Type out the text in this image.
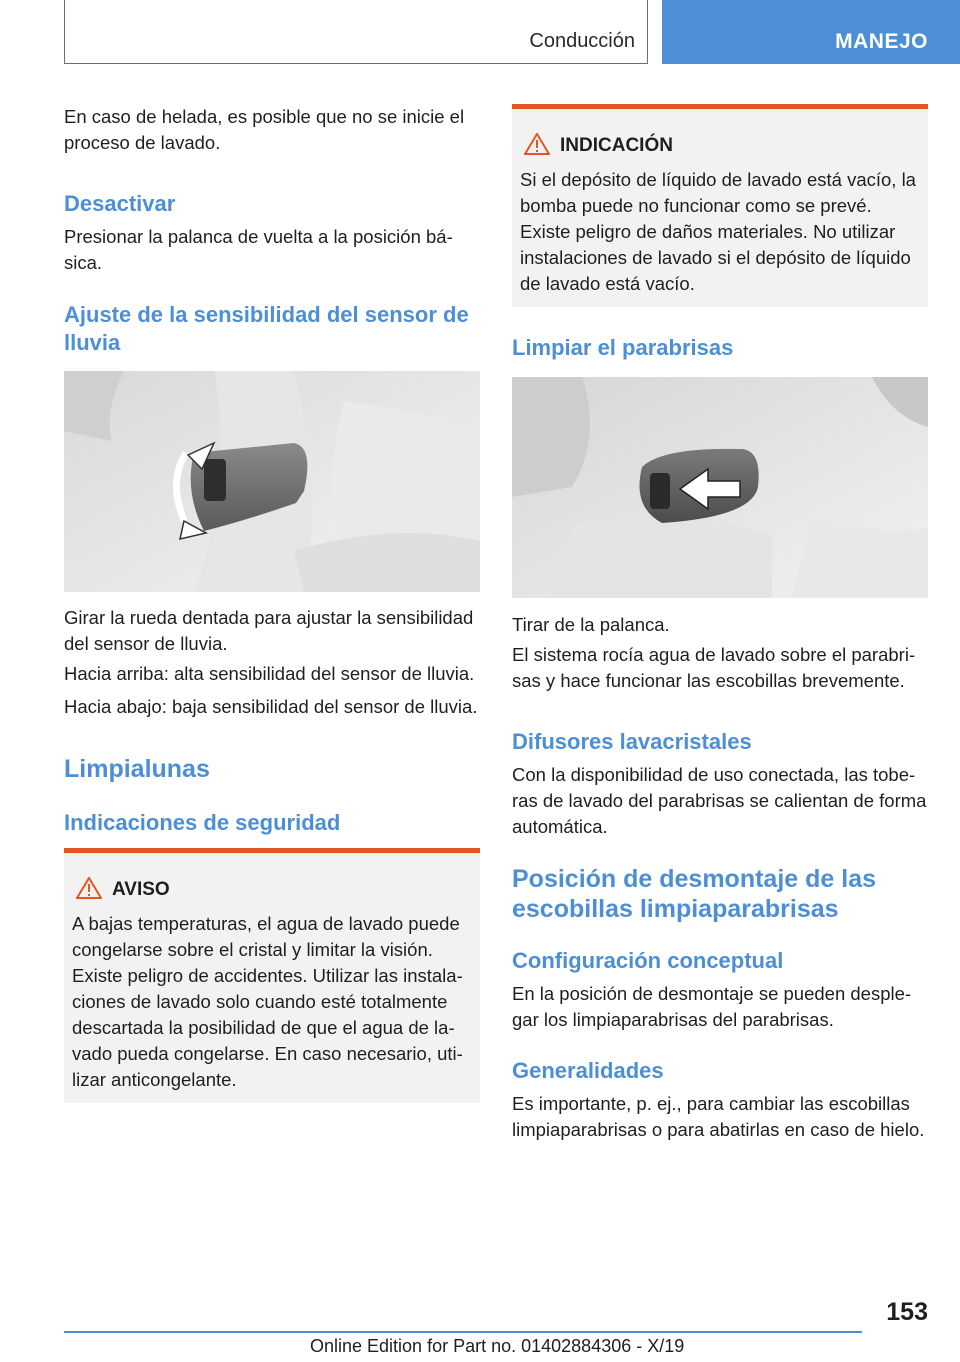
Conducción	MANEJO

En caso de helada, es posible que no se inicie el proceso de lavado.

Desactivar

Presionar la palanca de vuelta a la posición bá-sica.

Ajuste de la sensibilidad del sensor de lluvia

Girar la rueda dentada para ajustar la sensibilidad del sensor de lluvia.

Hacia arriba: alta sensibilidad del sensor de lluvia.

Hacia abajo: baja sensibilidad del sensor de lluvia.

Limpialunas
Indicaciones de seguridad
AVISO
A bajas temperaturas, el agua de lavado puede congelarse sobre el cristal y limitar la visión. Existe peligro de accidentes. Utilizar las instala-ciones de lavado solo cuando esté totalmente descartada la posibilidad de que el agua de la-vado pueda congelarse. En caso necesario, uti-lizar anticongelante.
INDICACIÓN
Si el depósito de líquido de lavado está vacío, la bomba puede no funcionar como se prevé. Existe peligro de daños materiales. No utilizar instalaciones de lavado si el depósito de líquido de lavado está vacío.
Limpiar el parabrisas

Tirar de la palanca.

El sistema rocía agua de lavado sobre el parabri-sas y hace funcionar las escobillas brevemente.

Difusores lavacristales

Con la disponibilidad de uso conectada, las tobe-ras de lavado del parabrisas se calientan de forma automática.

Posición de desmontaje de las escobillas limpiaparabrisas
Configuración conceptual

En la posición de desmontaje se pueden desple-gar los limpiaparabrisas del parabrisas.

Generalidades

Es importante, p. ej., para cambiar las escobillas limpiaparabrisas o para abatirlas en caso de hielo.

153
Online Edition for Part no. 01402884306 - X/19
